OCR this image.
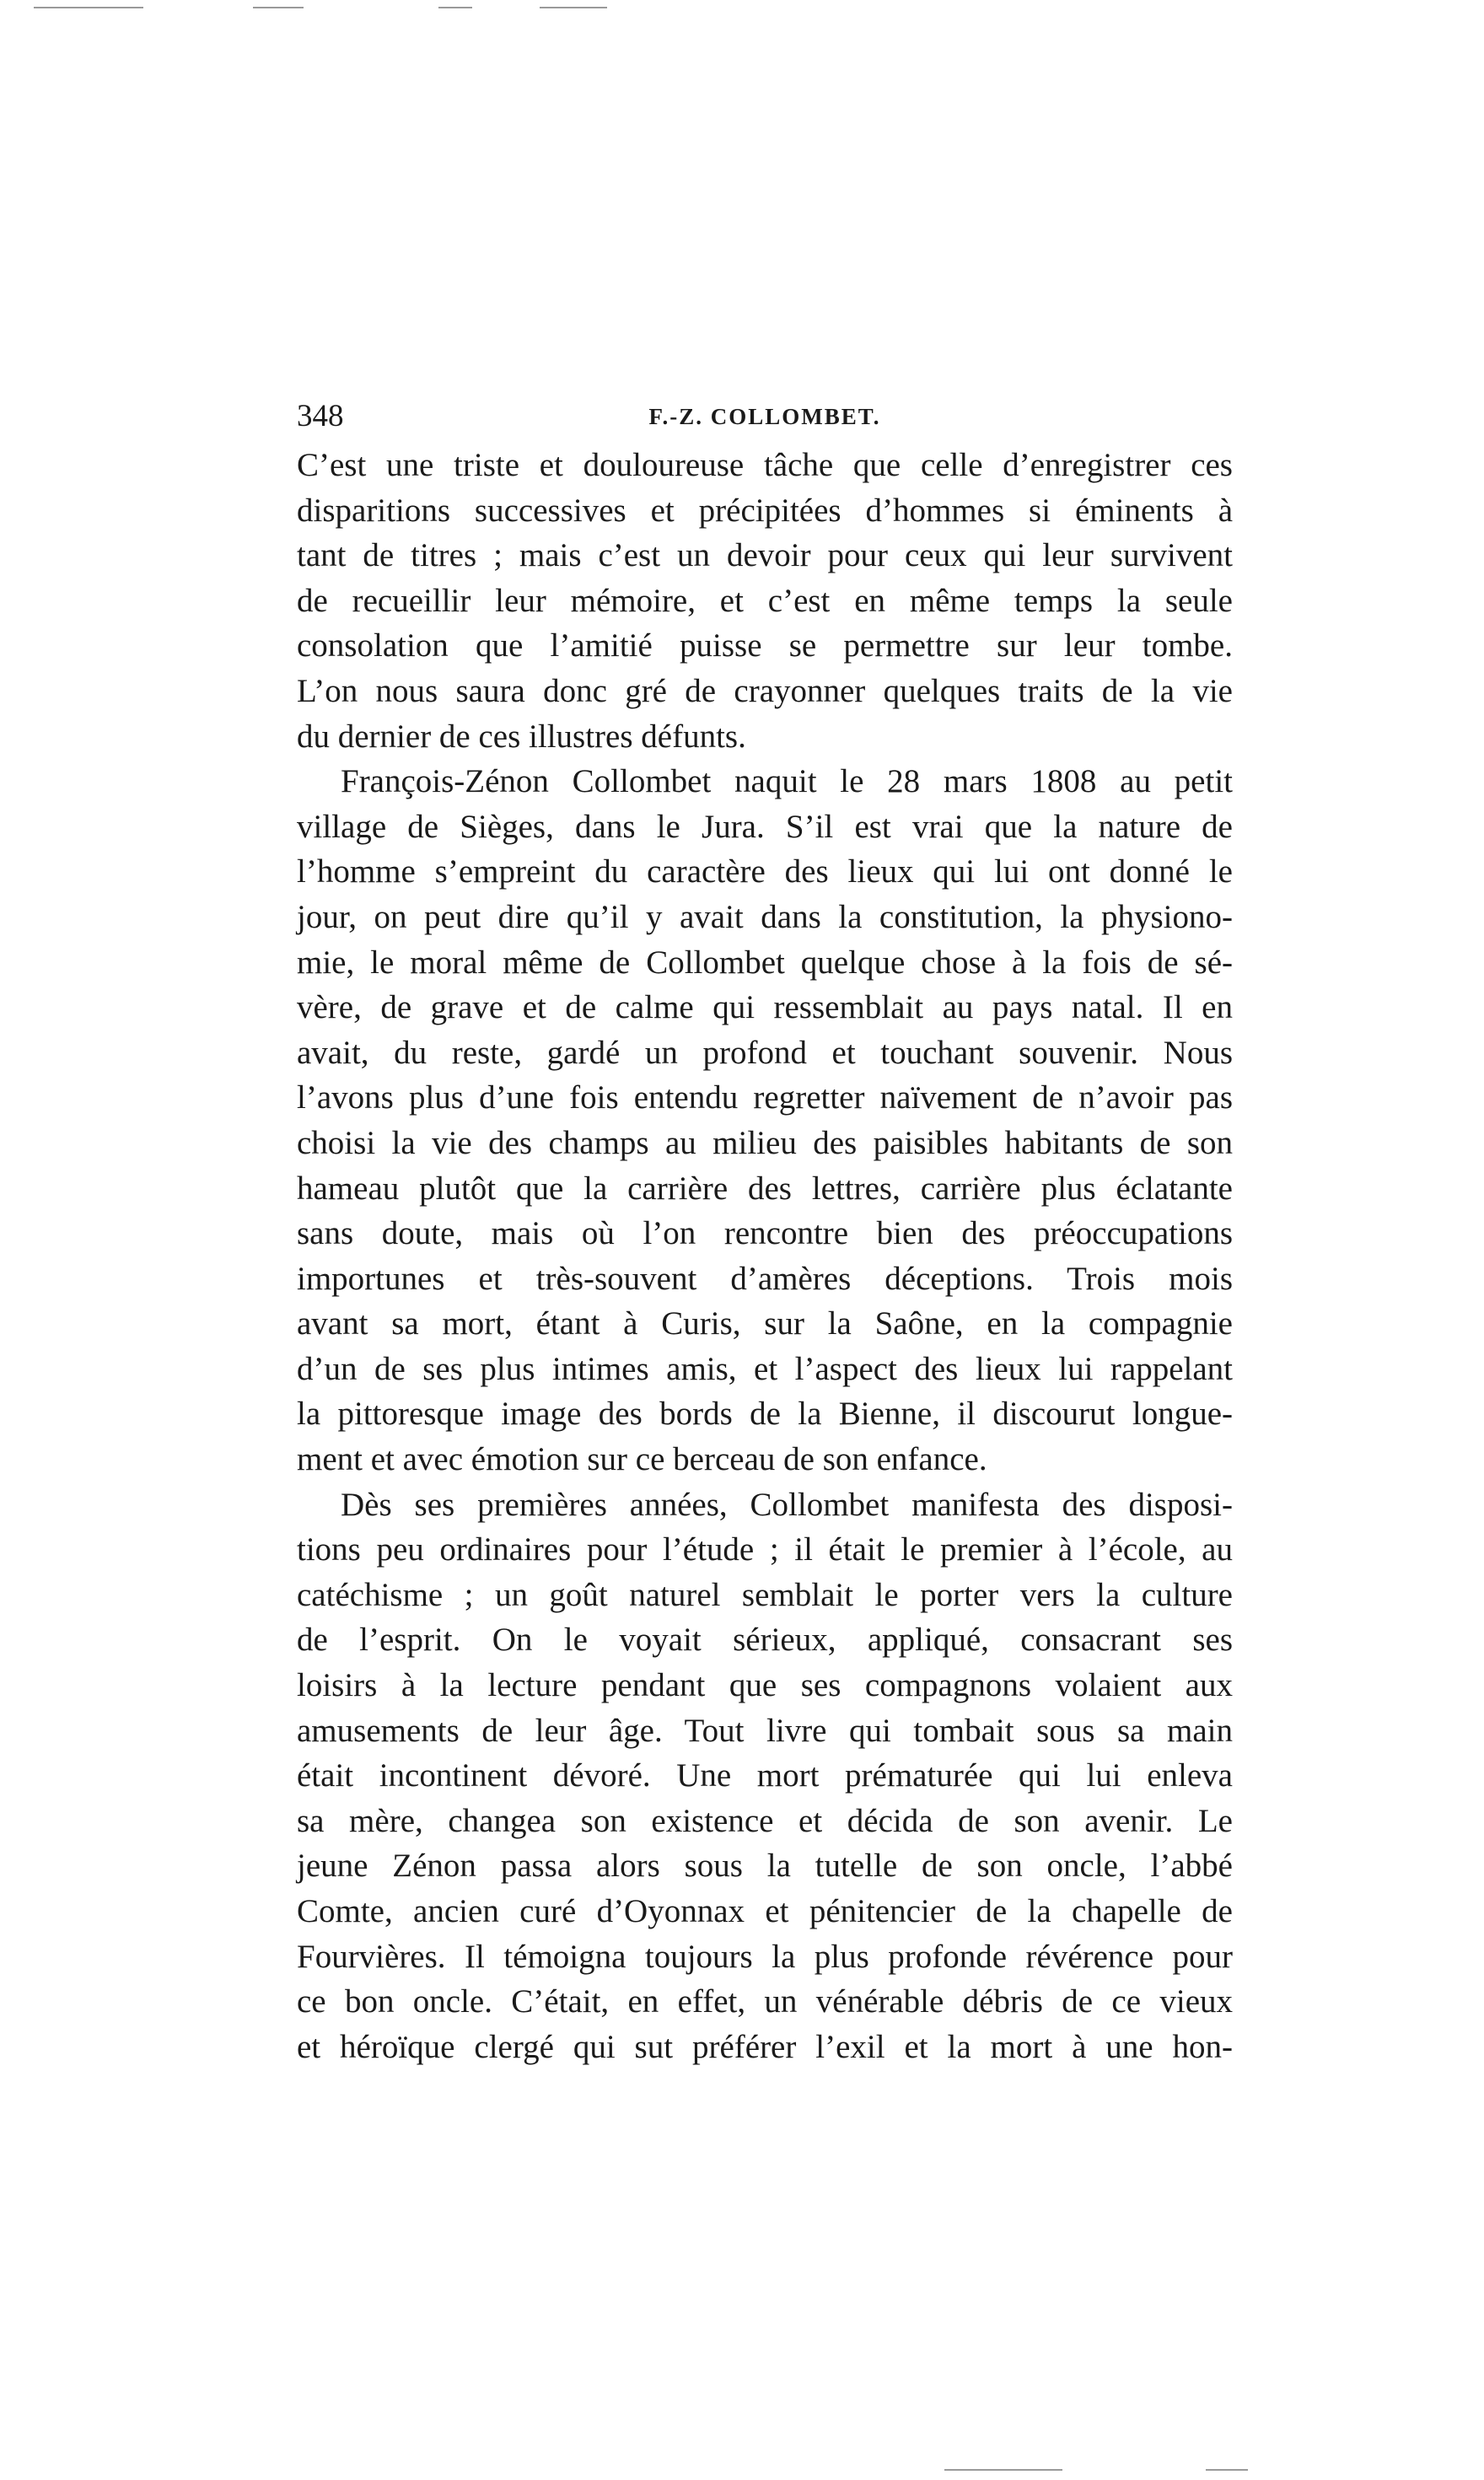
348	F.-Z. COLLOMBET.

C’est une triste et douloureuse tâche que celle d’enregistrer ces
disparitions successives et précipitées d’hommes si éminents à
tant de titres ; mais c’est un devoir pour ceux qui leur survivent
de recueillir leur mémoire, et c’est en même temps la seule
consolation que l’amitié puisse se permettre sur leur tombe.
L’on nous saura donc gré de crayonner quelques traits de la vie
du dernier de ces illustres défunts.

François-Zénon Collombet naquit le 28 mars 1808 au petit
village de Sièges, dans le Jura. S’il est vrai que la nature de
l’homme s’empreint du caractère des lieux qui lui ont donné le
jour, on peut dire qu’il y avait dans la constitution, la physiono-
mie, le moral même de Collombet quelque chose à la fois de sé-
vère, de grave et de calme qui ressemblait au pays natal. Il en
avait, du reste, gardé un profond et touchant souvenir. Nous
l’avons plus d’une fois entendu regretter naïvement de n’avoir pas
choisi la vie des champs au milieu des paisibles habitants de son
hameau plutôt que la carrière des lettres, carrière plus éclatante
sans doute, mais où l’on rencontre bien des préoccupations
importunes et très-souvent d’amères déceptions. Trois mois
avant sa mort, étant à Curis, sur la Saône, en la compagnie
d’un de ses plus intimes amis, et l’aspect des lieux lui rappelant
la pittoresque image des bords de la Bienne, il discourut longue-
ment et avec émotion sur ce berceau de son enfance.

Dès ses premières années, Collombet manifesta des disposi-
tions peu ordinaires pour l’étude ; il était le premier à l’école, au
catéchisme ; un goût naturel semblait le porter vers la culture
de l’esprit. On le voyait sérieux, appliqué, consacrant ses
loisirs à la lecture pendant que ses compagnons volaient aux
amusements de leur âge. Tout livre qui tombait sous sa main
était incontinent dévoré. Une mort prématurée qui lui enleva
sa mère, changea son existence et décida de son avenir. Le
jeune Zénon passa alors sous la tutelle de son oncle, l’abbé
Comte, ancien curé d’Oyonnax et pénitencier de la chapelle de
Fourvières. Il témoigna toujours la plus profonde révérence pour
ce bon oncle. C’était, en effet, un vénérable débris de ce vieux
et héroïque clergé qui sut préférer l’exil et la mort à une hon-
